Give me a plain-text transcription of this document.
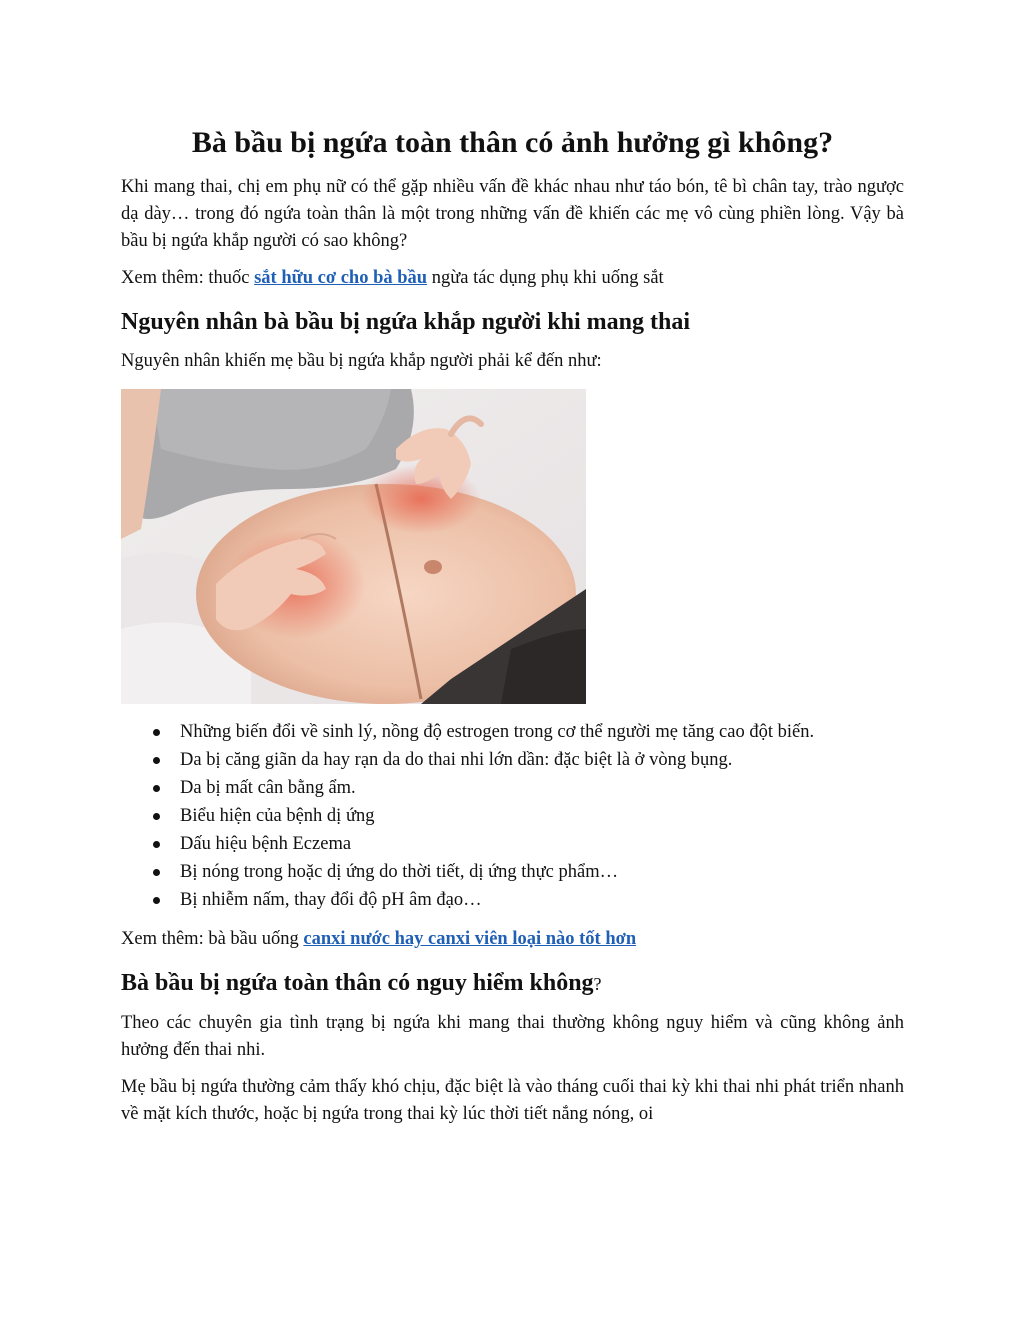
Bà bầu bị ngứa toàn thân có ảnh hưởng gì không?

Khi mang thai, chị em phụ nữ có thể gặp nhiều vấn đề khác nhau như táo bón, tê bì chân tay, trào ngược dạ dày… trong đó ngứa toàn thân là một trong những vấn đề khiến các mẹ vô cùng phiền lòng. Vậy bà bầu bị ngứa khắp người có sao không?

Xem thêm: thuốc sắt hữu cơ cho bà bầu ngừa tác dụng phụ khi uống sắt

Nguyên nhân bà bầu bị ngứa khắp người khi mang thai

Nguyên nhân khiến mẹ bầu bị ngứa khắp người phải kể đến như:

Những biến đổi về sinh lý, nồng độ estrogen trong cơ thể người mẹ tăng cao đột biến.
Da bị căng giãn da hay rạn da do thai nhi lớn dần: đặc biệt là ở vòng bụng.
Da bị mất cân bằng ẩm.
Biểu hiện của bệnh dị ứng
Dấu hiệu bệnh Eczema
Bị nóng trong hoặc dị ứng do thời tiết, dị ứng thực phẩm…
Bị nhiễm nấm, thay đổi độ pH âm đạo…

Xem thêm: bà bầu uống canxi nước hay canxi viên loại nào tốt hơn

Bà bầu bị ngứa toàn thân có nguy hiểm không?

Theo các chuyên gia tình trạng bị ngứa khi mang thai thường không nguy hiểm và cũng không ảnh hưởng đến thai nhi.

Mẹ bầu bị ngứa thường cảm thấy khó chịu, đặc biệt là vào tháng cuối thai kỳ khi thai nhi phát triển nhanh về mặt kích thước, hoặc bị ngứa trong thai kỳ lúc thời tiết nắng nóng, oi
